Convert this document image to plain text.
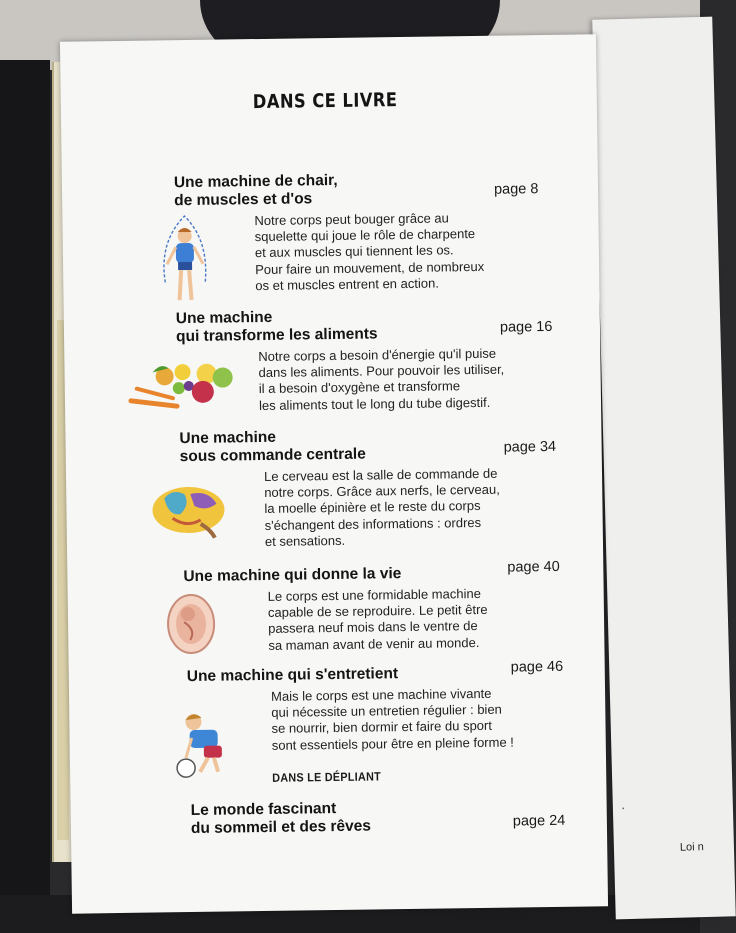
·
Loi n
DANS CE LIVRE
Une machine de chair,
de muscles et d'os
page 8
Notre corps peut bouger grâce au
squelette qui joue le rôle de charpente
et aux muscles qui tiennent les os.
Pour faire un mouvement, de nombreux
os et muscles entrent en action.
Une machine
qui transforme les aliments	page 16
Notre corps a besoin d'énergie qu'il puise
dans les aliments. Pour pouvoir les utiliser,
il a besoin d'oxygène et transforme
les aliments tout le long du tube digestif.
Une machine
sous commande centrale	page 34
Le cerveau est la salle de commande de
notre corps. Grâce aux nerfs, le cerveau,
la moelle épinière et le reste du corps
s'échangent des informations : ordres
et sensations.
Une machine qui donne la vie	page 40
Le corps est une formidable machine
capable de se reproduire. Le petit être
passera neuf mois dans le ventre de
sa maman avant de venir au monde.
Une machine qui s'entretient	page 46
Mais le corps est une machine vivante
qui nécessite un entretien régulier : bien
se nourrir, bien dormir et faire du sport
sont essentiels pour être en pleine forme !
DANS LE DÉPLIANT
Le monde fascinant
du sommeil et des rêves	page 24
